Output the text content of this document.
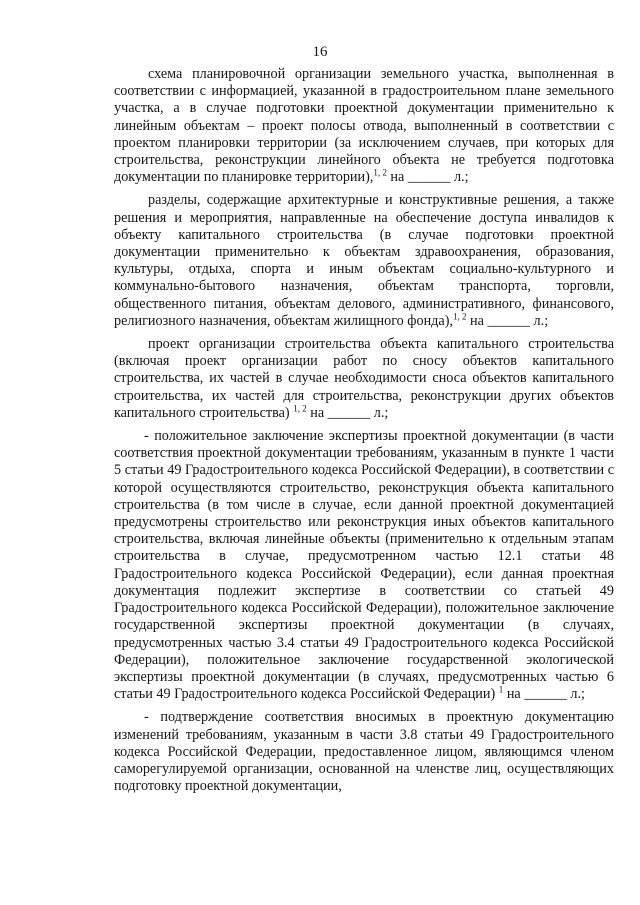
16

схема планировочной организации земельного участка, выполненная в соответствии с информацией, указанной в градостроительном плане земельного участка, а в случае подготовки проектной документации применительно к линейным объектам – проект полосы отвода, выполненный в соответствии с проектом планировки территории (за исключением случаев, при которых для строительства, реконструкции линейного объекта не требуется подготовка документации по планировке территории),$^{1, 2}$ на ______ л.;

разделы, содержащие архитектурные и конструктивные решения, а также решения и мероприятия, направленные на обеспечение доступа инвалидов к объекту капитального строительства (в случае подготовки проектной документации применительно к объектам здравоохранения, образования, культуры, отдыха, спорта и иным объектам социально-культурного и коммунально-бытового назначения, объектам транспорта, торговли, общественного питания, объектам делового, административного, финансового, религиозного назначения, объектам жилищного фонда),$^{1, 2}$ на ______ л.;

проект организации строительства объекта капитального строительства (включая проект организации работ по сносу объектов капитального строительства, их частей в случае необходимости сноса объектов капитального строительства, их частей для строительства, реконструкции других объектов капитального строительства) $^{1, 2}$ на ______ л.;

- положительное заключение экспертизы проектной документации (в части соответствия проектной документации требованиям, указанным в пункте 1 части 5 статьи 49 Градостроительного кодекса Российской Федерации), в соответствии с которой осуществляются строительство, реконструкция объекта капитального строительства (в том числе в случае, если данной проектной документацией предусмотрены строительство или реконструкция иных объектов капитального строительства, включая линейные объекты (применительно к отдельным этапам строительства в случае, предусмотренном частью 12.1 статьи 48 Градостроительного кодекса Российской Федерации), если данная проектная документация подлежит экспертизе в соответствии со статьей 49 Градостроительного кодекса Российской Федерации), положительное заключение государственной экспертизы проектной документации (в случаях, предусмотренных частью 3.4 статьи 49 Градостроительного кодекса Российской Федерации), положительное заключение государственной экологической экспертизы проектной документации (в случаях, предусмотренных частью 6 статьи 49 Градостроительного кодекса Российской Федерации) $^1$ на ______ л.;

- подтверждение соответствия вносимых в проектную документацию изменений требованиям, указанным в части 3.8 статьи 49 Градостроительного кодекса Российской Федерации, предоставленное лицом, являющимся членом саморегулируемой организации, основанной на членстве лиц, осуществляющих подготовку проектной документации,
